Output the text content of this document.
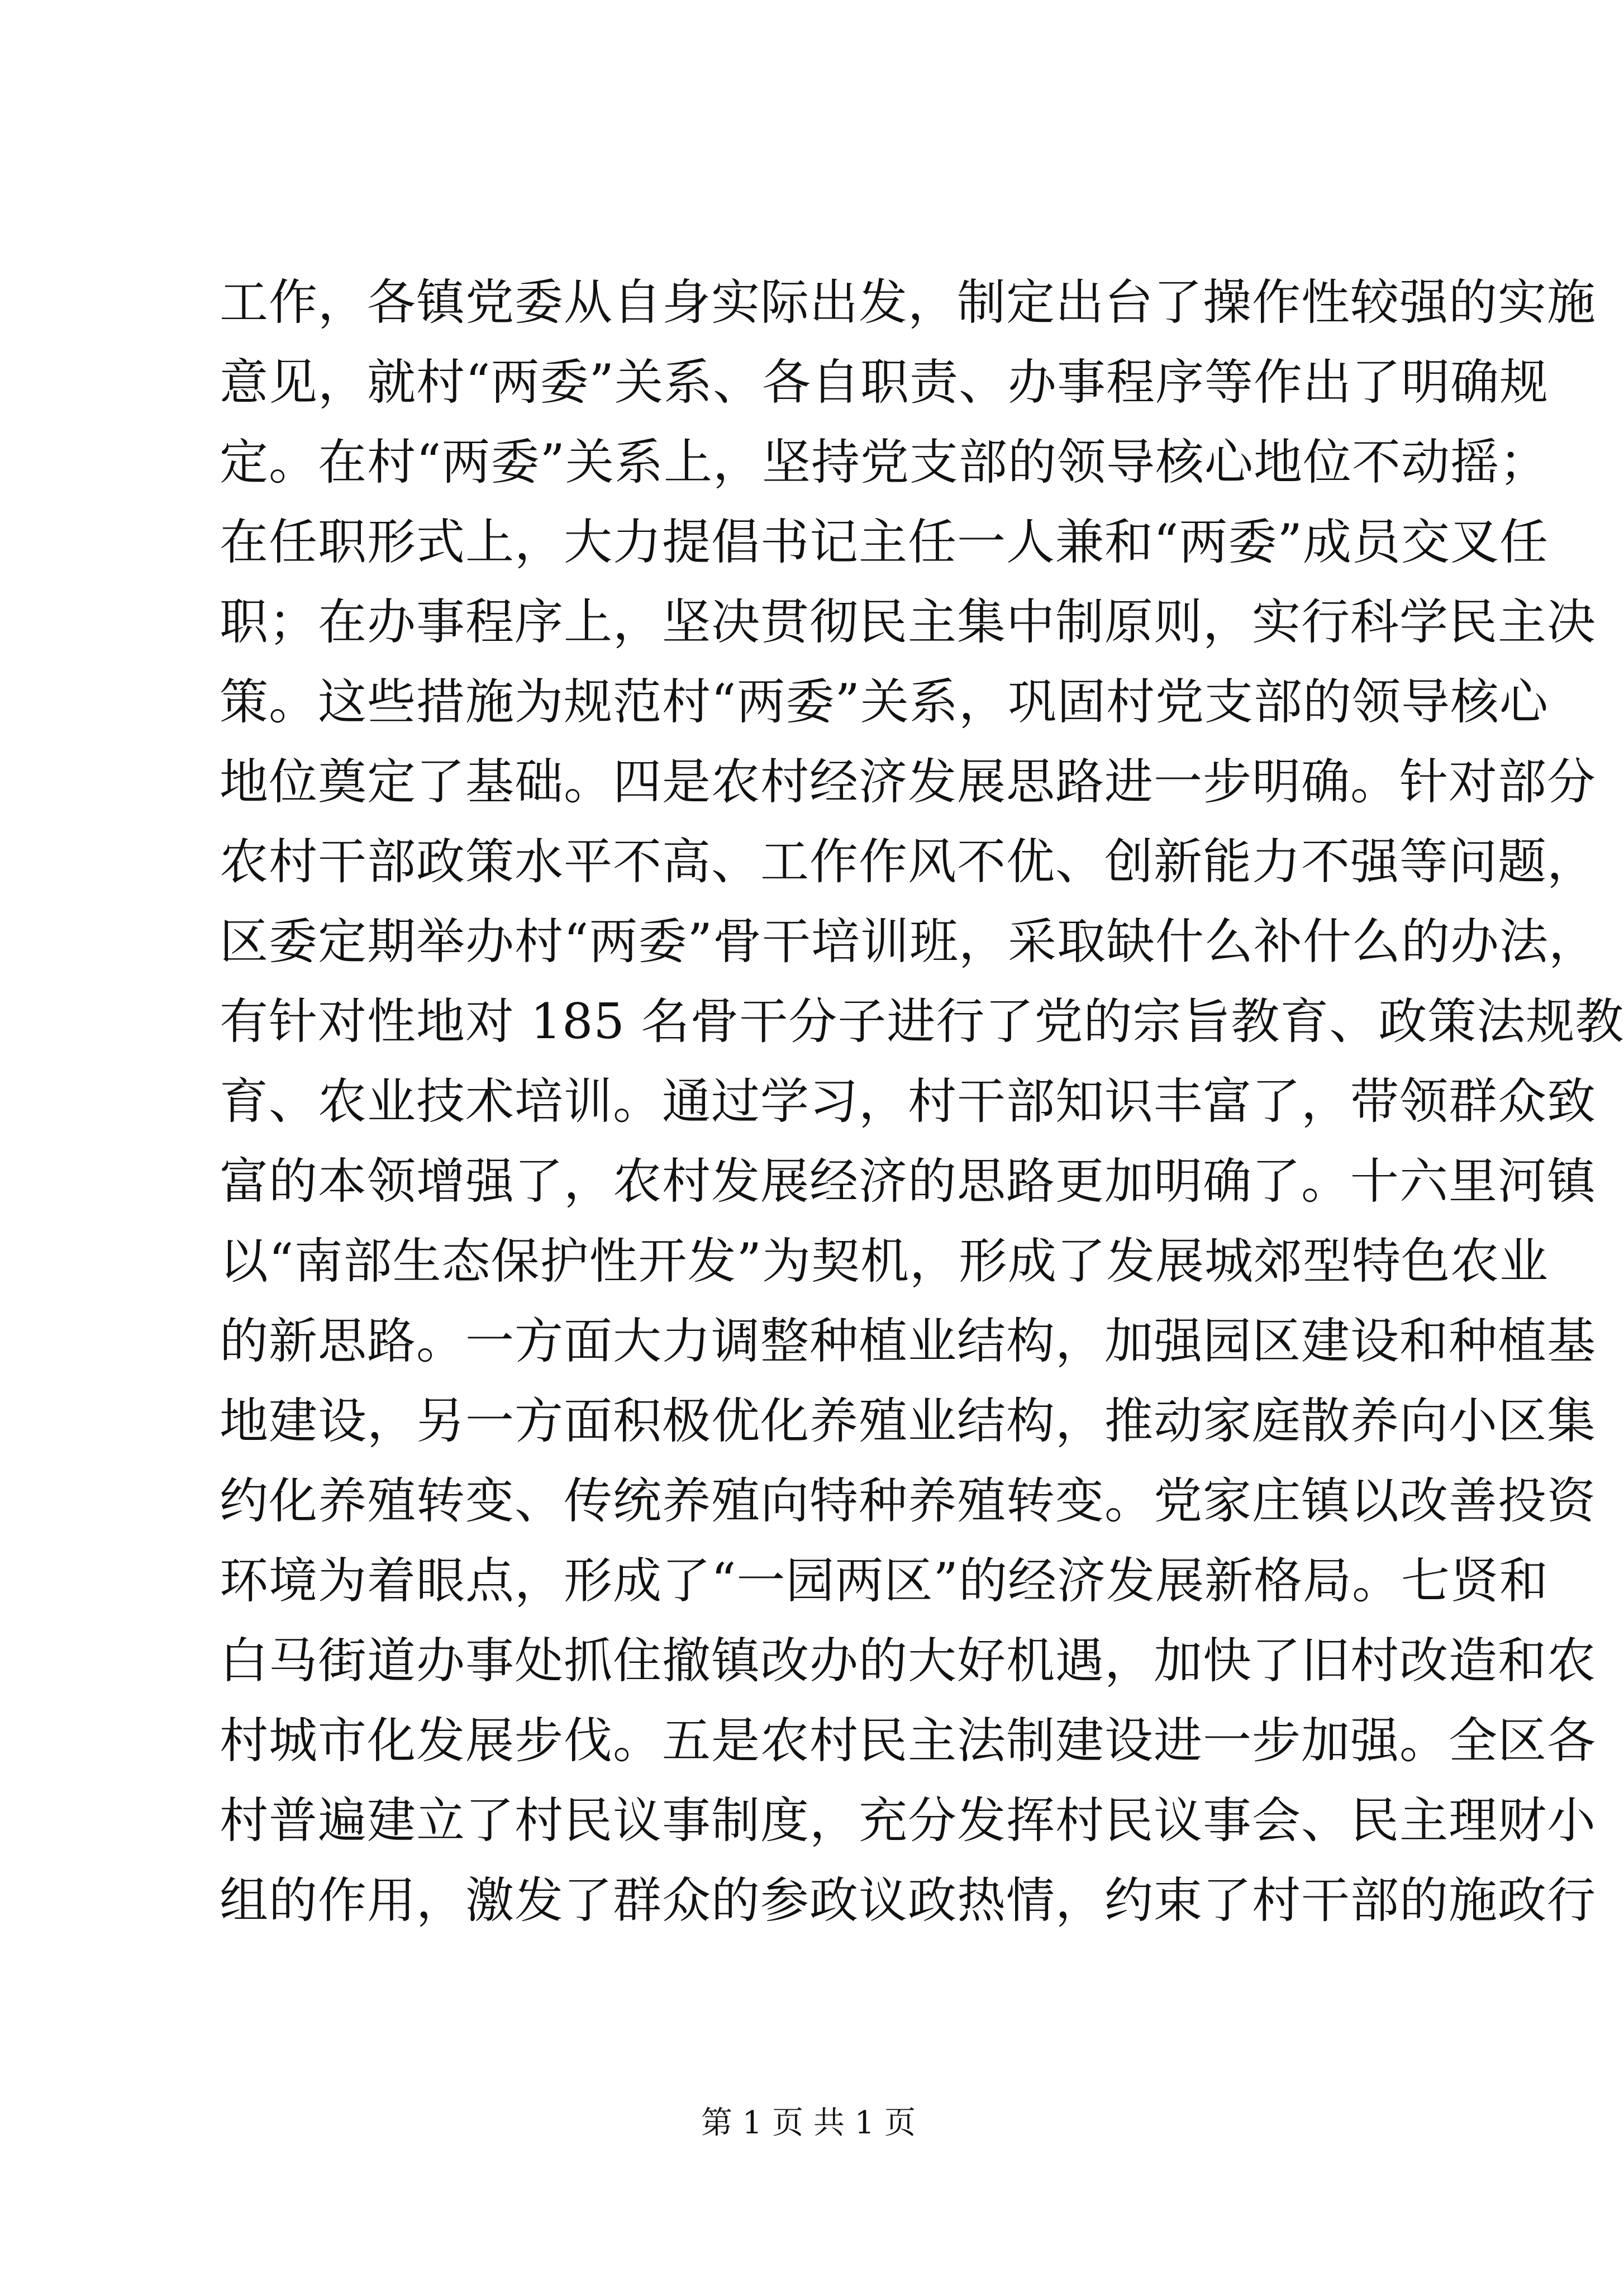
工作，各镇党委从自身实际出发，制定出台了操作性较强的实施
意见，就村“两委”关系、各自职责、办事程序等作出了明确规
定。在村“两委”关系上，坚持党支部的领导核心地位不动摇；
在任职形式上，大力提倡书记主任一人兼和“两委”成员交叉任
职；在办事程序上，坚决贯彻民主集中制原则，实行科学民主决
策。这些措施为规范村“两委”关系，巩固村党支部的领导核心
地位奠定了基础。四是农村经济发展思路进一步明确。针对部分
农村干部政策水平不高、工作作风不优、创新能力不强等问题，
区委定期举办村“两委”骨干培训班，采取缺什么补什么的办法，
有针对性地对 185 名骨干分子进行了党的宗旨教育、政策法规教
育、农业技术培训。通过学习，村干部知识丰富了，带领群众致
富的本领增强了，农村发展经济的思路更加明确了。十六里河镇
以“南部生态保护性开发”为契机，形成了发展城郊型特色农业
的新思路。一方面大力调整种植业结构，加强园区建设和种植基
地建设，另一方面积极优化养殖业结构，推动家庭散养向小区集
约化养殖转变、传统养殖向特种养殖转变。党家庄镇以改善投资
环境为着眼点，形成了“一园两区”的经济发展新格局。七贤和
白马街道办事处抓住撤镇改办的大好机遇，加快了旧村改造和农
村城市化发展步伐。五是农村民主法制建设进一步加强。全区各
村普遍建立了村民议事制度，充分发挥村民议事会、民主理财小
组的作用，激发了群众的参政议政热情，约束了村干部的施政行
第 1 页 共 1 页
